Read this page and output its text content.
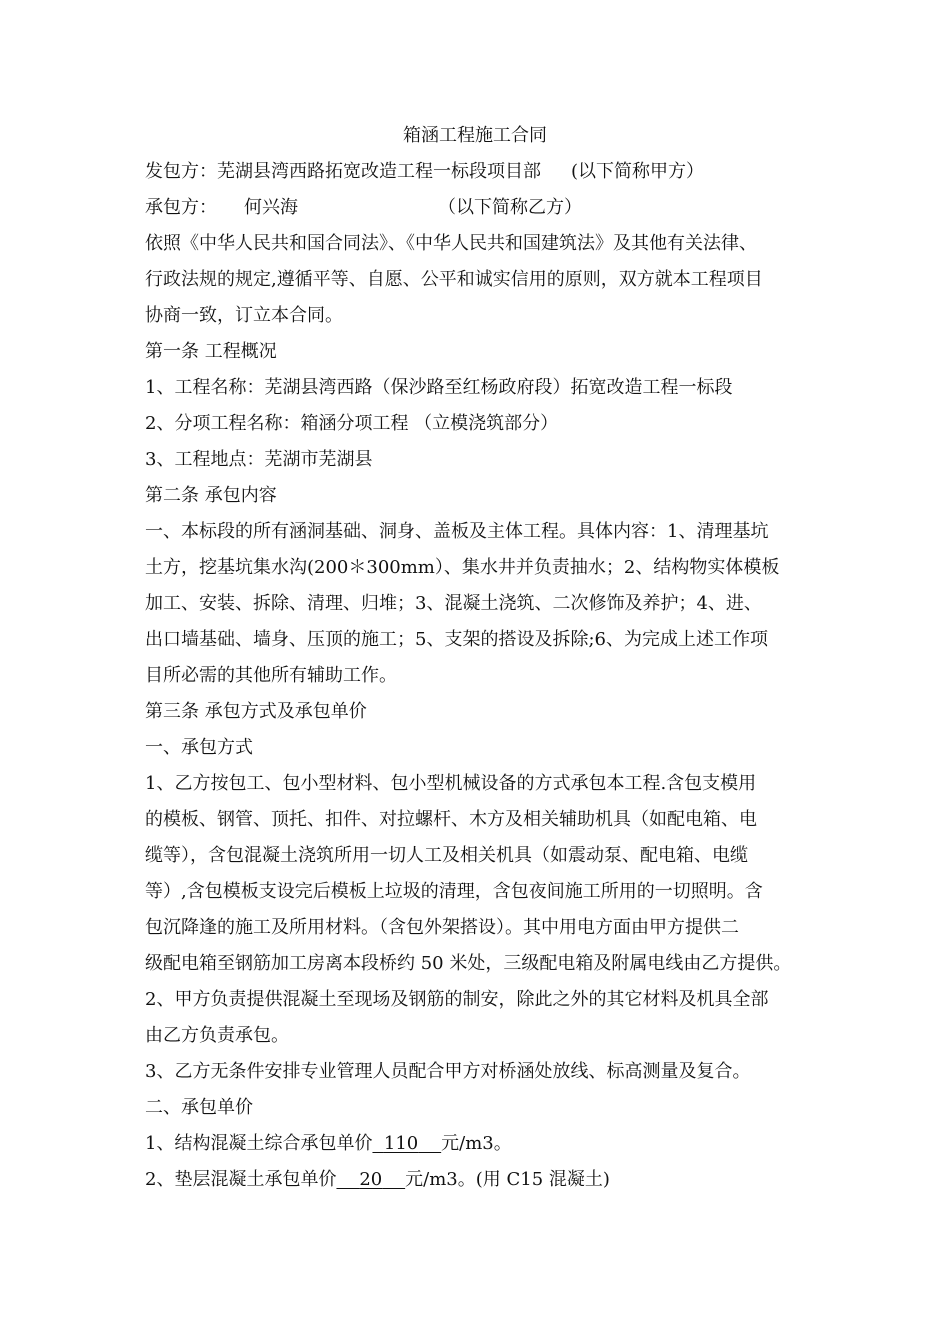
箱涵工程施工合同
发包方：芜湖县湾西路拓宽改造工程一标段项目部 (以下简称甲方）
承包方： 何兴海	（以下简称乙方）
依照《中华人民共和国合同法》、《中华人民共和国建筑法》及其他有关法律、
行政法规的规定,遵循平等、自愿、公平和诚实信用的原则，双方就本工程项目
协商一致，订立本合同。
第一条 工程概况
1、工程名称：芜湖县湾西路（保沙路至红杨政府段）拓宽改造工程一标段
2、分项工程名称：箱涵分项工程 （立模浇筑部分）
3、工程地点：芜湖市芜湖县
第二条 承包内容
一、本标段的所有涵洞基础、洞身、盖板及主体工程。具体内容：1、清理基坑
土方，挖基坑集水沟(200＊300mm）、集水井并负责抽水；2、结构物实体模板
加工、安装、拆除、清理、归堆；3、混凝土浇筑、二次修饰及养护；4、进、
出口墙基础、墙身、压顶的施工；5、支架的搭设及拆除;6、为完成上述工作项
目所必需的其他所有辅助工作。
第三条 承包方式及承包单价
一、承包方式
1、乙方按包工、包小型材料、包小型机械设备的方式承包本工程.含包支模用
的模板、钢管、顶托、扣件、对拉螺杆、木方及相关辅助机具（如配电箱、电
缆等），含包混凝土浇筑所用一切人工及相关机具（如震动泵、配电箱、电缆
等）,含包模板支设完后模板上垃圾的清理，含包夜间施工所用的一切照明。含
包沉降逢的施工及所用材料。（含包外架搭设）。其中用电方面由甲方提供二
级配电箱至钢筋加工房离本段桥约 50 米处，三级配电箱及附属电线由乙方提供。
2、甲方负责提供混凝土至现场及钢筋的制安，除此之外的其它材料及机具全部
由乙方负责承包。
3、乙方无条件安排专业管理人员配合甲方对桥涵处放线、标高测量及复合。
二、承包单价
1、结构混凝土综合承包单价 110 元/m3。
2、垫层混凝土承包单价 20 元/m3。(用 C15 混凝土)
